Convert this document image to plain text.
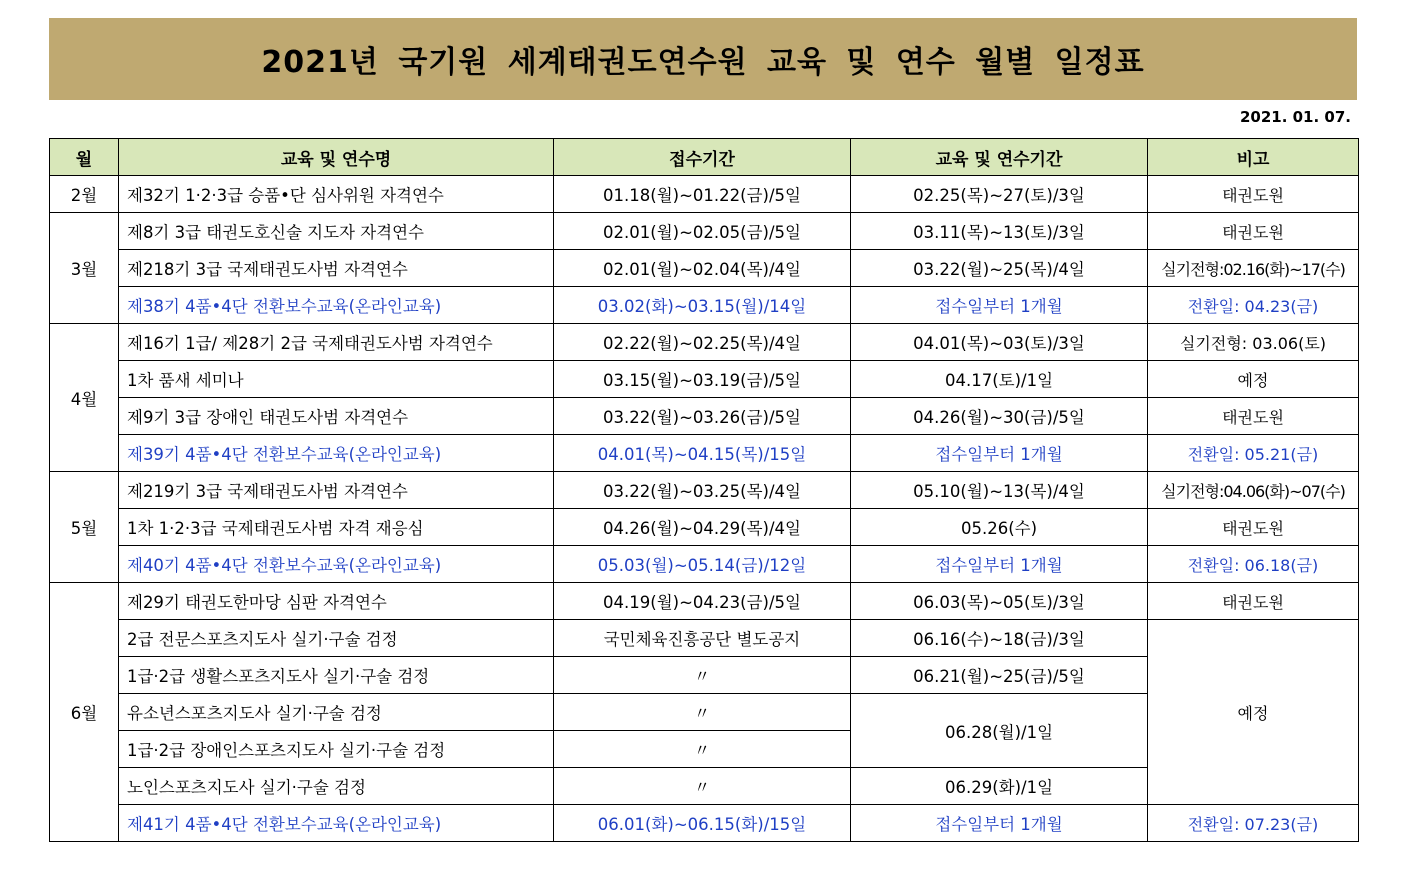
2021년 국기원 세계태권도연수원 교육 및 연수 월별 일정표
2021. 01. 07.
월	교육 및 연수명	접수기간	교육 및 연수기간	비고
2월	제32기 1·2·3급 승품•단 심사위원 자격연수	01.18(월)~01.22(금)/5일	02.25(목)~27(토)/3일	태권도원
3월	제8기 3급 태권도호신술 지도자 자격연수	02.01(월)~02.05(금)/5일	03.11(목)~13(토)/3일	태권도원
	제218기 3급 국제태권도사범 자격연수	02.01(월)~02.04(목)/4일	03.22(월)~25(목)/4일	실기전형:02.16(화)~17(수)
	제38기 4품•4단 전환보수교육(온라인교육)	03.02(화)~03.15(월)/14일	접수일부터 1개월	전환일: 04.23(금)
4월	제16기 1급/ 제28기 2급 국제태권도사범 자격연수	02.22(월)~02.25(목)/4일	04.01(목)~03(토)/3일	실기전형: 03.06(토)
	1차 품새 세미나	03.15(월)~03.19(금)/5일	04.17(토)/1일	예정
	제9기 3급 장애인 태권도사범 자격연수	03.22(월)~03.26(금)/5일	04.26(월)~30(금)/5일	태권도원
	제39기 4품•4단 전환보수교육(온라인교육)	04.01(목)~04.15(목)/15일	접수일부터 1개월	전환일: 05.21(금)
5월	제219기 3급 국제태권도사범 자격연수	03.22(월)~03.25(목)/4일	05.10(월)~13(목)/4일	실기전형:04.06(화)~07(수)
	1차 1·2·3급 국제태권도사범 자격 재응심	04.26(월)~04.29(목)/4일	05.26(수)	태권도원
	제40기 4품•4단 전환보수교육(온라인교육)	05.03(월)~05.14(금)/12일	접수일부터 1개월	전환일: 06.18(금)
6월	제29기 태권도한마당 심판 자격연수	04.19(월)~04.23(금)/5일	06.03(목)~05(토)/3일	태권도원
	2급 전문스포츠지도사 실기·구술 검정	국민체육진흥공단 별도공지	06.16(수)~18(금)/3일	예정
	1급·2급 생활스포츠지도사 실기·구술 검정	〃	06.21(월)~25(금)/5일	
	유소년스포츠지도사 실기·구술 검정	〃	06.28(월)/1일	
	1급·2급 장애인스포츠지도사 실기·구술 검정	〃		
	노인스포츠지도사 실기·구술 검정	〃	06.29(화)/1일	
	제41기 4품•4단 전환보수교육(온라인교육)	06.01(화)~06.15(화)/15일	접수일부터 1개월	전환일: 07.23(금)
